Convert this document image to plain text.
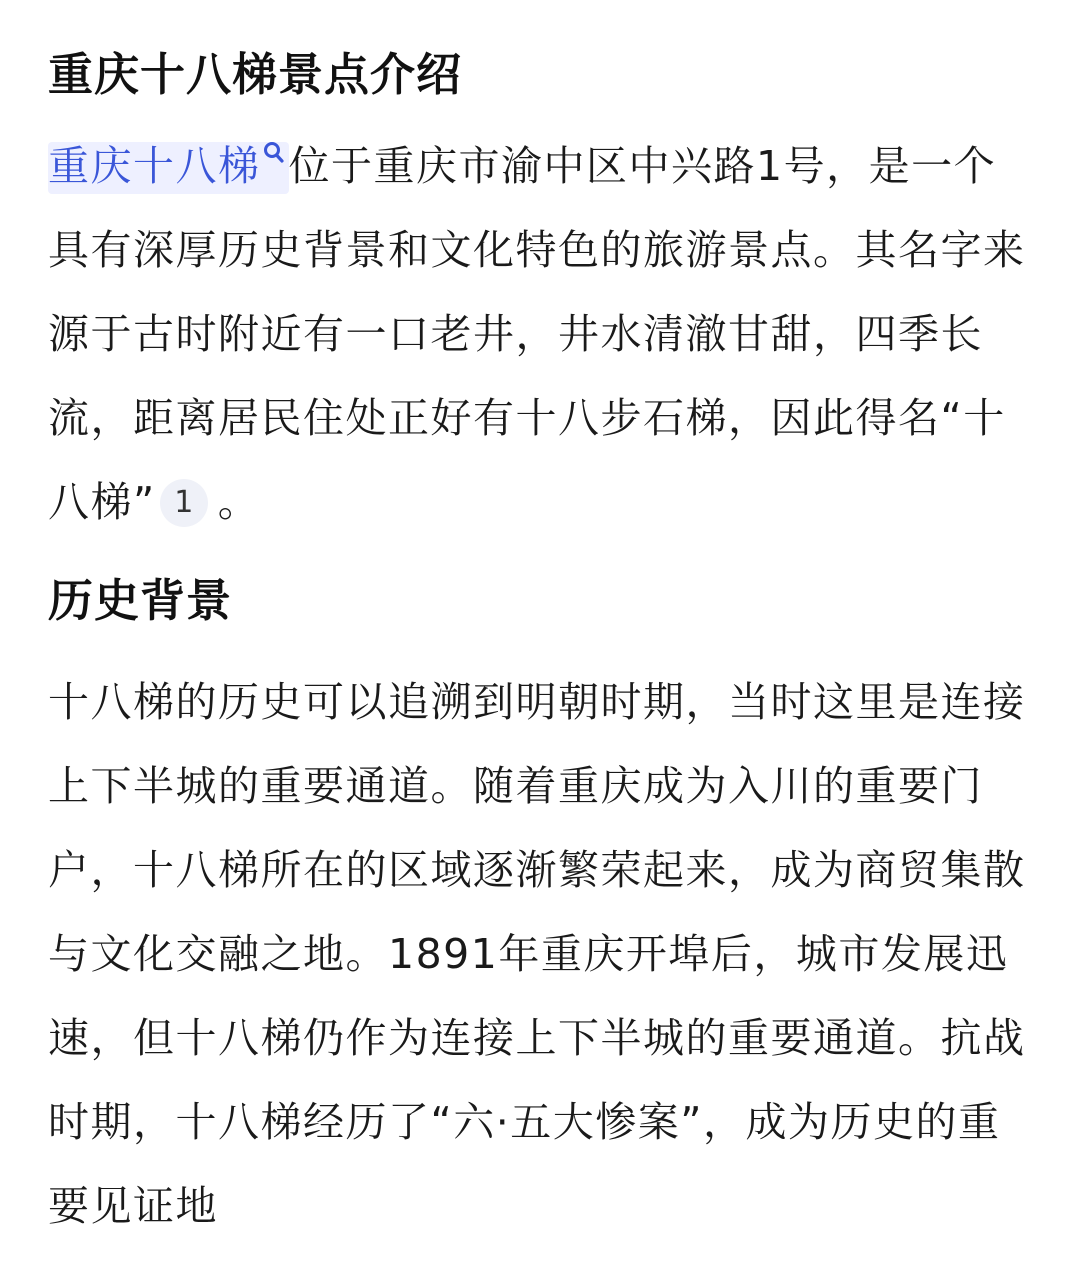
重庆十八梯景点介绍

重庆十八梯 位于重庆市渝中区中兴路1号，是一个具有深厚历史背景和文化特色的旅游景点。其名字来源于古时附近有一口老井，井水清澈甘甜，四季长流，距离居民住处正好有十八步石梯，因此得名“十八梯” 1 。

历史背景

十八梯的历史可以追溯到明朝时期，当时这里是连接上下半城的重要通道。随着重庆成为入川的重要门户，十八梯所在的区域逐渐繁荣起来，成为商贸集散与文化交融之地。1891年重庆开埠后，城市发展迅速，但十八梯仍作为连接上下半城的重要通道。抗战时期，十八梯经历了“六·五大惨案”，成为历史的重要见证地
